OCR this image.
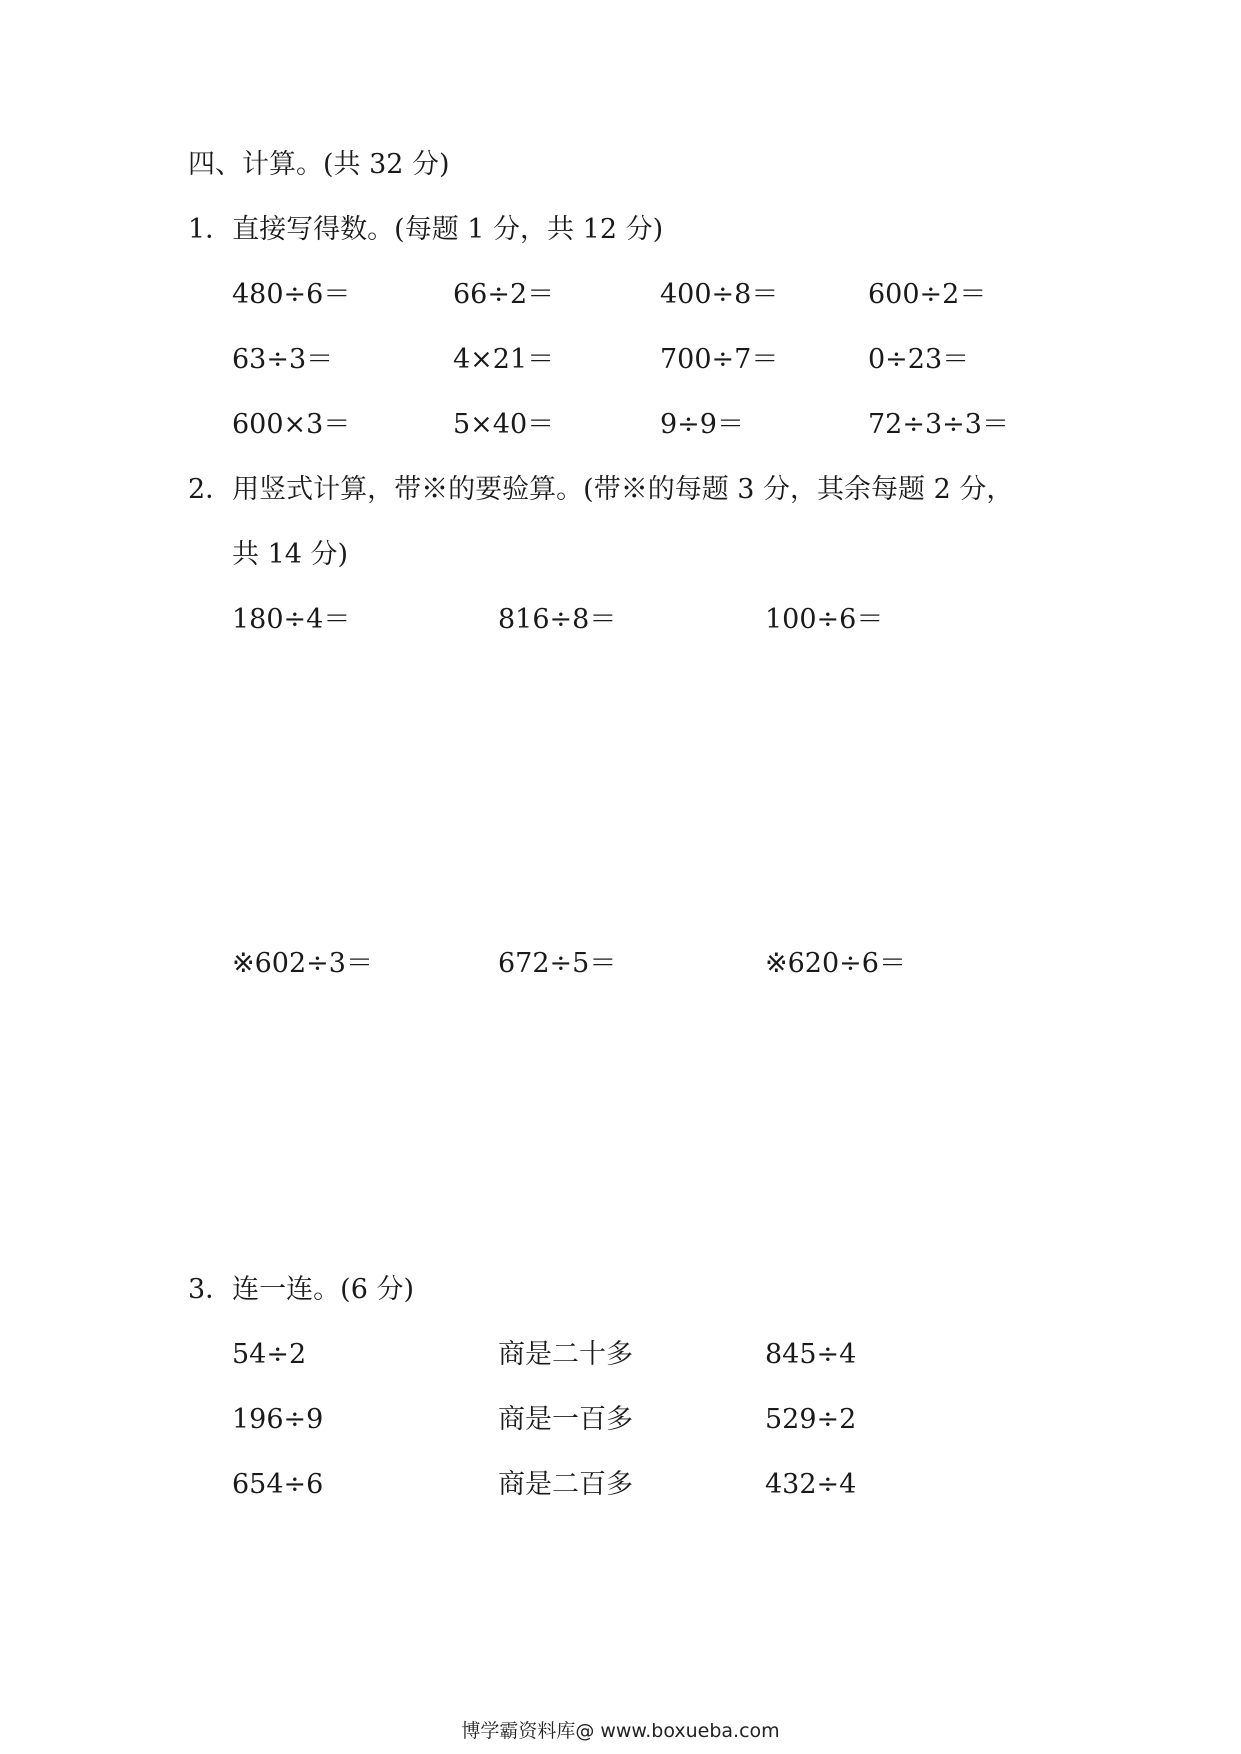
四、计算。(共 32 分)
1．直接写得数。(每题 1 分，共 12 分)
480÷6＝	66÷2＝	400÷8＝	600÷2＝
63÷3＝	4×21＝	700÷7＝	0÷23＝
600×3＝	5×40＝	9÷9＝	72÷3÷3＝
2．用竖式计算，带※的要验算。(带※的每题 3 分，其余每题 2 分，
共 14 分)
180÷4＝	816÷8＝	100÷6＝
※602÷3＝	672÷5＝	※620÷6＝
3．连一连。(6 分)
54÷2	商是二十多	845÷4
196÷9	商是一百多	529÷2
654÷6	商是二百多	432÷4
博学霸资料库@ www.boxueba.com
